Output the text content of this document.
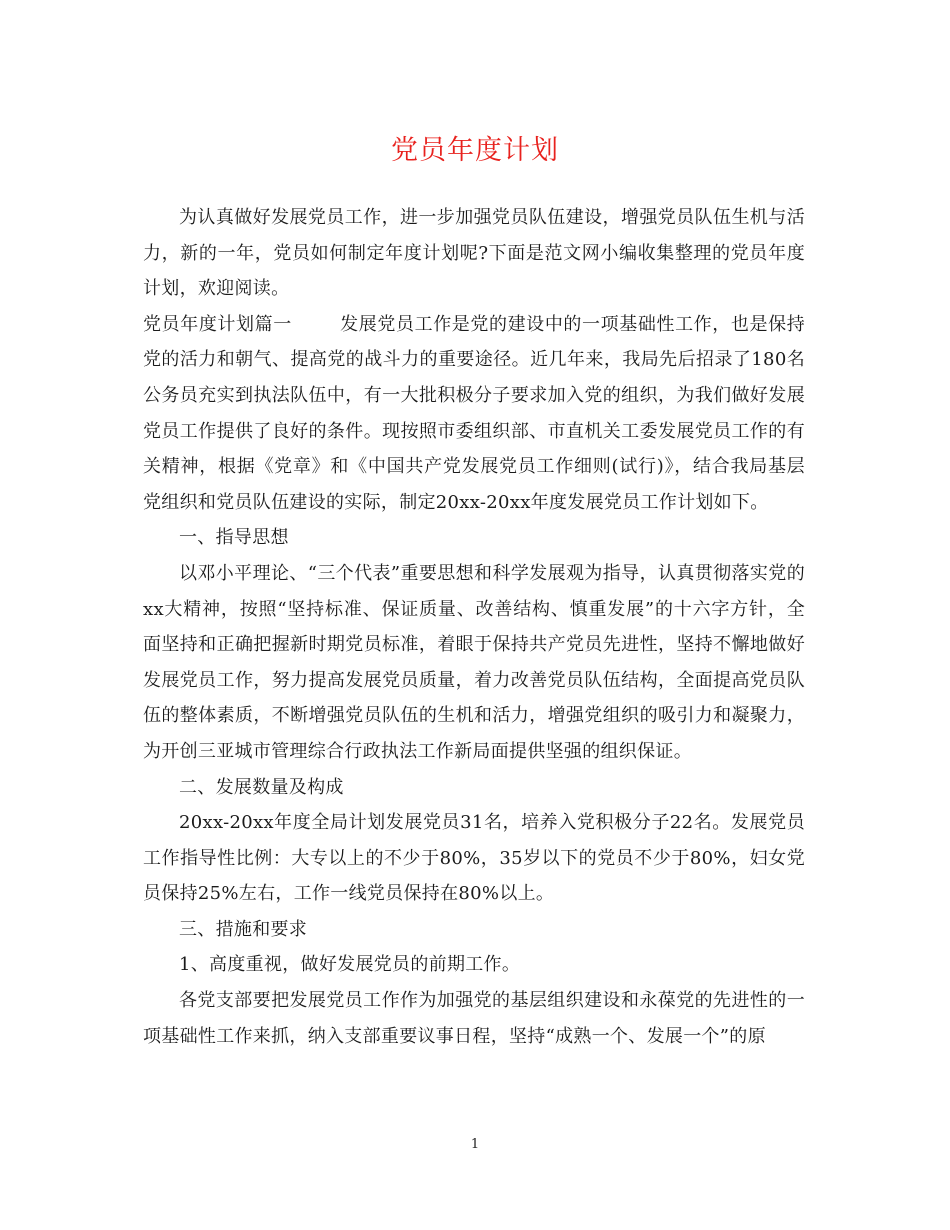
党员年度计划

为认真做好发展党员工作，进一步加强党员队伍建设，增强党员队伍生机与活力，新的一年，党员如何制定年度计划呢?下面是范文网小编收集整理的党员年度计划，欢迎阅读。

党员年度计划篇一	发展党员工作是党的建设中的一项基础性工作，也是保持党的活力和朝气、提高党的战斗力的重要途径。近几年来，我局先后招录了180名公务员充实到执法队伍中，有一大批积极分子要求加入党的组织，为我们做好发展党员工作提供了良好的条件。现按照市委组织部、市直机关工委发展党员工作的有关精神，根据《党章》和《中国共产党发展党员工作细则(试行)》，结合我局基层党组织和党员队伍建设的实际，制定20xx-20xx年度发展党员工作计划如下。

一、指导思想

以邓小平理论、“三个代表”重要思想和科学发展观为指导，认真贯彻落实党的xx大精神，按照“坚持标准、保证质量、改善结构、慎重发展”的十六字方针，全面坚持和正确把握新时期党员标准，着眼于保持共产党员先进性，坚持不懈地做好发展党员工作，努力提高发展党员质量，着力改善党员队伍结构，全面提高党员队伍的整体素质，不断增强党员队伍的生机和活力，增强党组织的吸引力和凝聚力，为开创三亚城市管理综合行政执法工作新局面提供坚强的组织保证。

二、发展数量及构成

20xx-20xx年度全局计划发展党员31名，培养入党积极分子22名。发展党员工作指导性比例：大专以上的不少于80%，35岁以下的党员不少于80%，妇女党员保持25%左右，工作一线党员保持在80%以上。

三、措施和要求

1、高度重视，做好发展党员的前期工作。

各党支部要把发展党员工作作为加强党的基层组织建设和永葆党的先进性的一项基础性工作来抓，纳入支部重要议事日程，坚持“成熟一个、发展一个”的原

1
